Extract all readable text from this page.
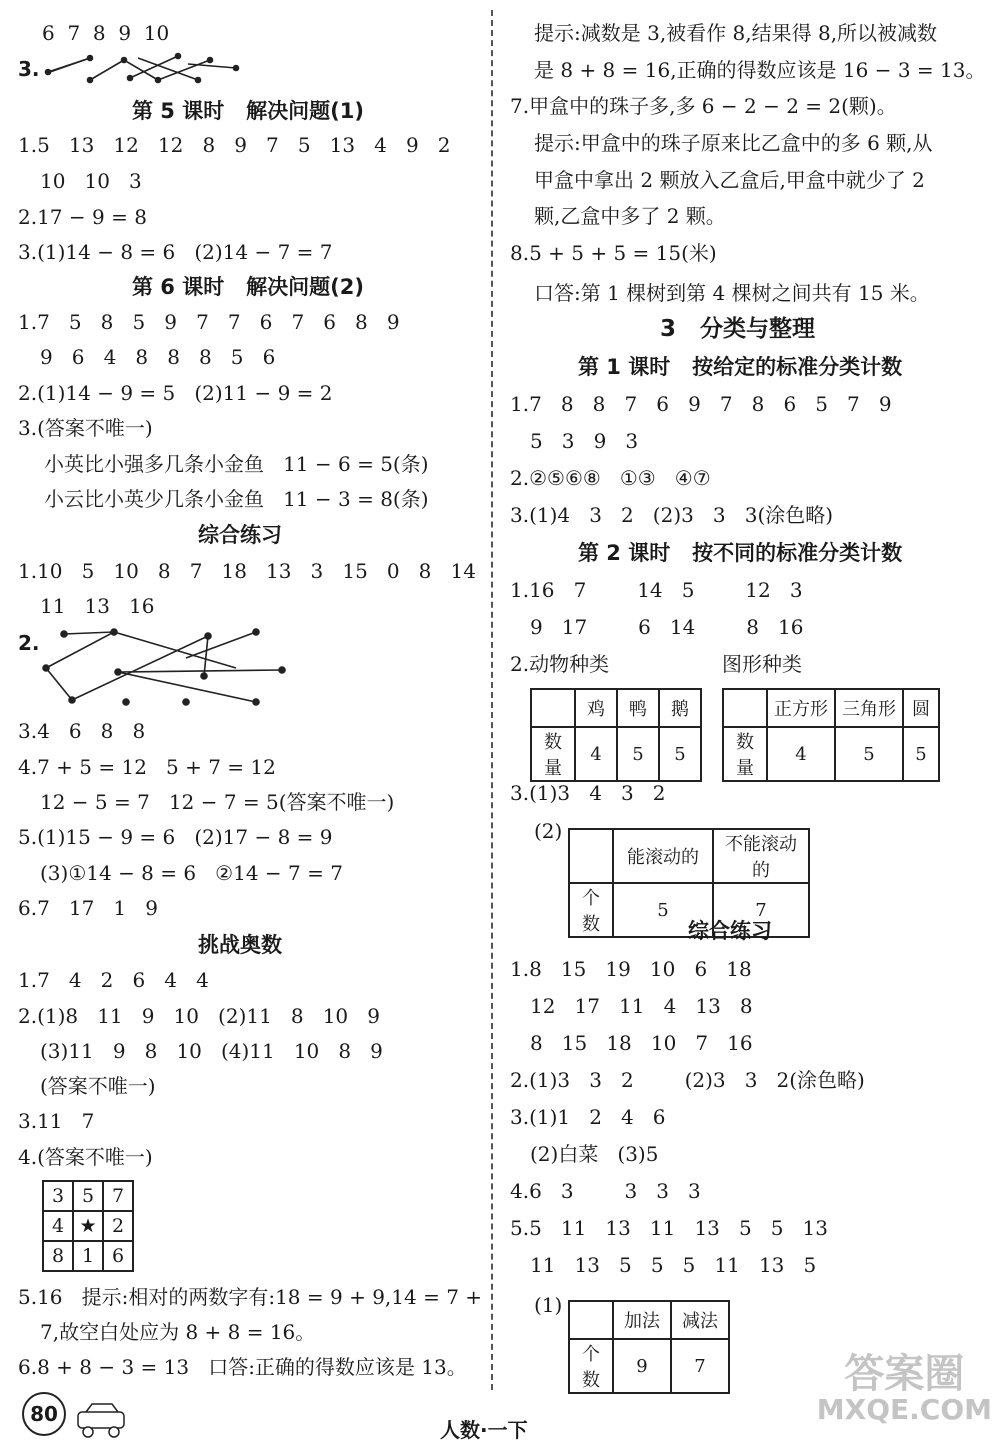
6  7  8  9  10
3.
第 5 课时   解决问题(1)
1.5   13   12   12   8   9   7   5   13   4   9   2
10   10   3
2.17 − 9 = 8
3.(1)14 − 8 = 6   (2)14 − 7 = 7
第 6 课时   解决问题(2)
1.7   5   8   5   9   7   7   6   7   6   8   9
9   6   4   8   8   8   5   6
2.(1)14 − 9 = 5   (2)11 − 9 = 2
3.(答案不唯一)
小英比小强多几条小金鱼   11 − 6 = 5(条)
小云比小英少几条小金鱼   11 − 3 = 8(条)
综合练习
1.10   5   10   8   7   18   13   3   15   0   8   14
11   13   16
2.
3.4   6   8   8
4.7 + 5 = 12   5 + 7 = 12
12 − 5 = 7   12 − 7 = 5(答案不唯一)
5.(1)15 − 9 = 6   (2)17 − 8 = 9
(3)①14 − 8 = 6   ②14 − 7 = 7
6.7   17   1   9
挑战奥数
1.7   4   2   6   4   4
2.(1)8   11   9   10   (2)11   8   10   9
(3)11   9   8   10   (4)11   10   8   9
(答案不唯一)
3.11   7
4.(答案不唯一)
3	5	7
4	★	2
8	1	6
5.16   提示:相对的两数字有:18 = 9 + 9,14 = 7 +
7,故空白处应为 8 + 8 = 16。
6.8 + 8 − 3 = 13   口答:正确的得数应该是 13。
提示:减数是 3,被看作 8,结果得 8,所以被减数
是 8 + 8 = 16,正确的得数应该是 16 − 3 = 13。
7.甲盒中的珠子多,多 6 − 2 − 2 = 2(颗)。
提示:甲盒中的珠子原来比乙盒中的多 6 颗,从
甲盒中拿出 2 颗放入乙盒后,甲盒中就少了 2
颗,乙盒中多了 2 颗。
8.5 + 5 + 5 = 15(米)
口答:第 1 棵树到第 4 棵树之间共有 15 米。
3   分类与整理
第 1 课时   按给定的标准分类计数
1.7   8   8   7   6   9   7   8   6   5   7   9
5   3   9   3
2.②⑤⑥⑧   ①③   ④⑦
3.(1)4   3   2   (2)3   3   3(涂色略)
第 2 课时   按不同的标准分类计数
1.16   7        14   5        12   3
9   17        6   14        8   16
2.动物种类	图形种类
	鸡	鸭	鹅
数量	4	5	5
	正方形	三角形	圆
数量	4	5	5
3.(1)3   4   3   2
(2)
	能滚动的	不能滚动的
个数	5	7
综合练习
1.8   15   19   10   6   18
12   17   11   4   13   8
8   15   18   10   7   16
2.(1)3   3   2        (2)3   3   2(涂色略)
3.(1)1   2   4   6
(2)白菜   (3)5
4.6   3        3   3   3
5.5   11   13   11   13   5   5   13
11   13   5   5   5   11   13   5
(1)
	加法	减法
个数	9	7
80
人数·一下
答案圈
MXQE.COM
